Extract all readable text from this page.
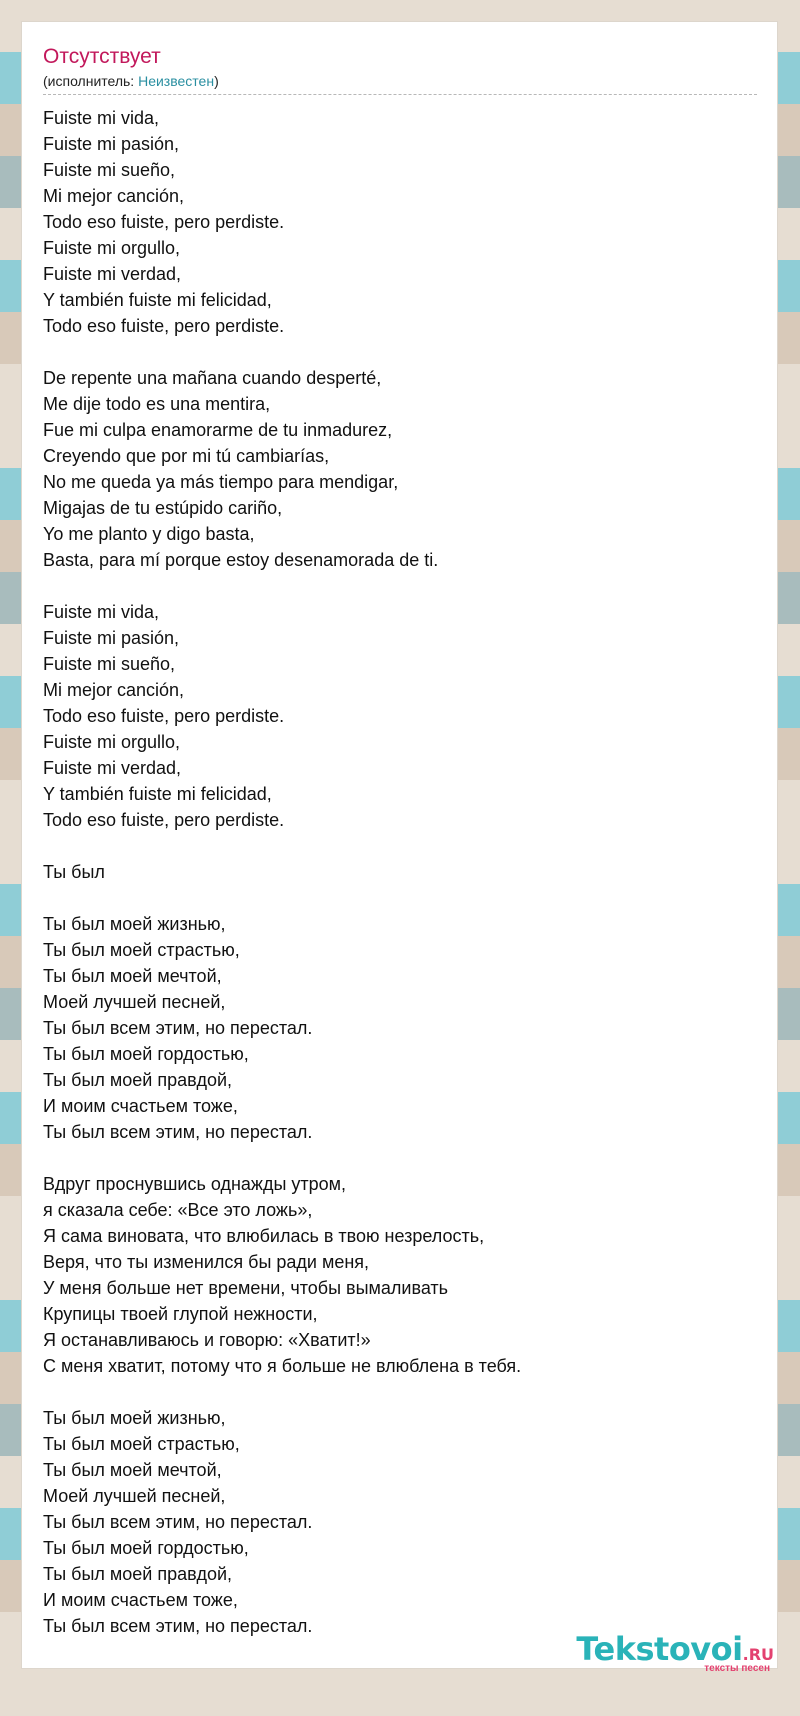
Отсутствует
(исполнитель: Неизвестен)
Fuiste mi vida,
Fuiste mi pasión,
Fuiste mi sueño,
Mi mejor canción,
Todo eso fuiste, pero perdiste.
Fuiste mi orgullo,
Fuiste mi verdad,
Y también fuiste mi felicidad,
Todo eso fuiste, pero perdiste.
De repente una mañana cuando desperté,
Me dije todo es una mentira,
Fue mi culpa enamorarme de tu inmadurez,
Creyendo que por mi tú cambiarías,
No me queda ya más tiempo para mendigar,
Migajas de tu estúpido cariño,
Yo me planto y digo basta,
Basta, para mí porque estoy desenamorada de ti.
Fuiste mi vida,
Fuiste mi pasión,
Fuiste mi sueño,
Mi mejor canción,
Todo eso fuiste, pero perdiste.
Fuiste mi orgullo,
Fuiste mi verdad,
Y también fuiste mi felicidad,
Todo eso fuiste, pero perdiste.
Ты был
Ты был моей жизнью,
Ты был моей страстью,
Ты был моей мечтой,
Моей лучшей песней,
Ты был всем этим, но перестал.
Ты был моей гордостью,
Ты был моей правдой,
И моим счастьем тоже,
Ты был всем этим, но перестал.
Вдруг проснувшись однажды утром,
я сказала себе: «Все это ложь»,
Я сама виновата, что влюбилась в твою незрелость,
Веря, что ты изменился бы ради меня,
У меня больше нет времени, чтобы вымаливать
Крупицы твоей глупой нежности,
Я останавливаюсь и говорю: «Хватит!»
С меня хватит, потому что я больше не влюблена в тебя.
Ты был моей жизнью,
Ты был моей страстью,
Ты был моей мечтой,
Моей лучшей песней,
Ты был всем этим, но перестал.
Ты был моей гордостью,
Ты был моей правдой,
И моим счастьем тоже,
Ты был всем этим, но перестал.
Tekstovoi.RU
тексты песен
